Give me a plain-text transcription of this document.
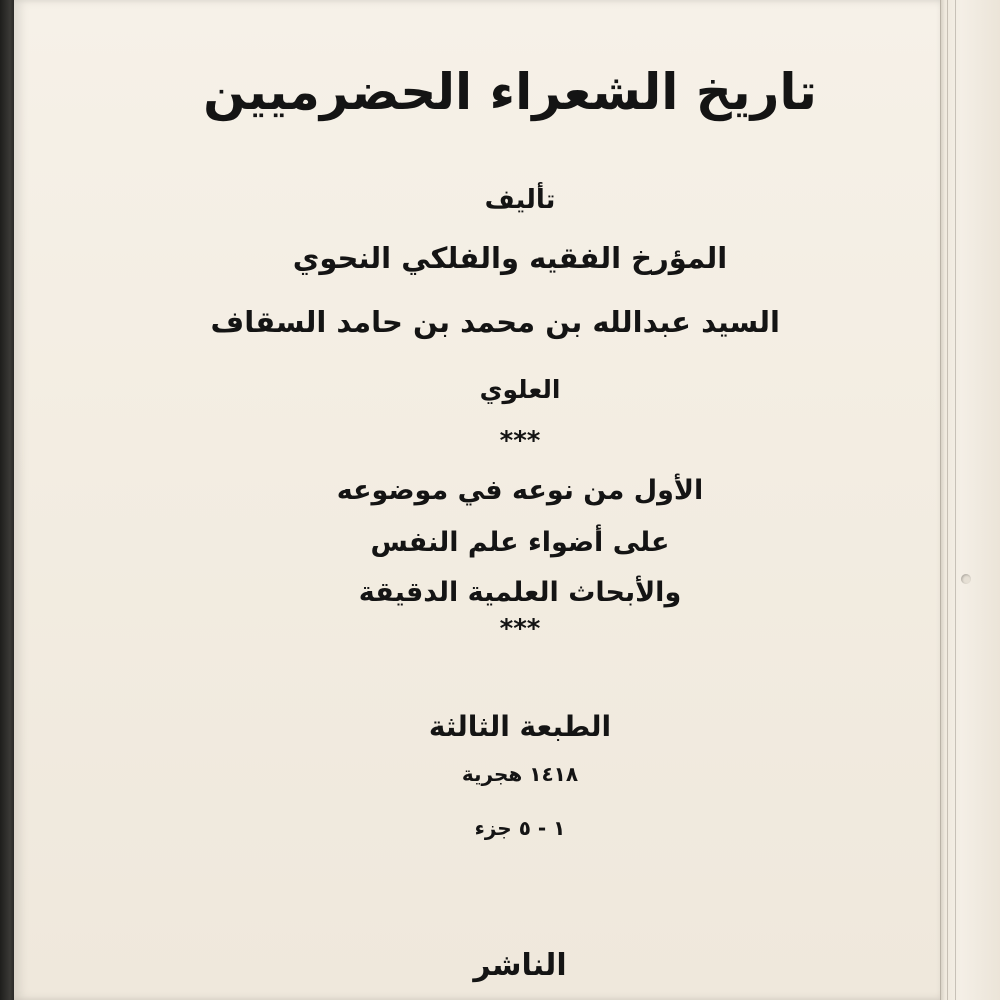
تاريخ الشعراء الحضرميين
تأليف
المؤرخ الفقيه والفلكي النحوي
السيد عبدالله بن محمد بن حامد السقاف
العلوي
***
الأول من نوعه في موضوعه
على أضواء علم النفس
والأبحاث العلمية الدقيقة
***
الطبعة الثالثة
١٤١٨ هجرية
١ - ٥ جزء
الناشر
